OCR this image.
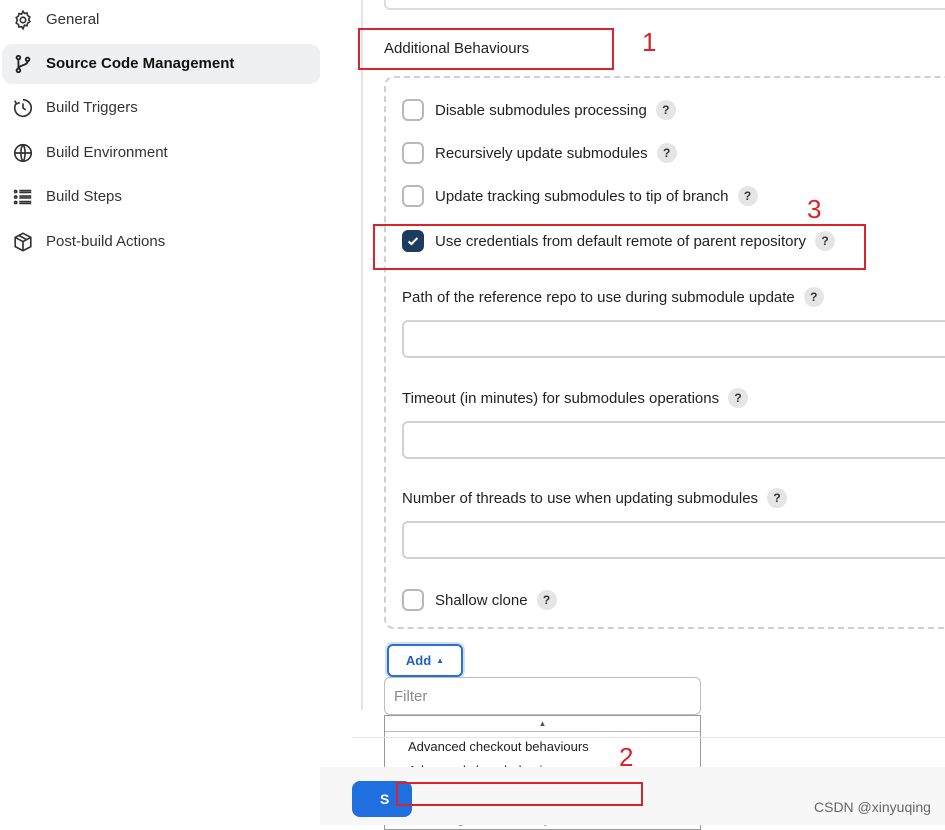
General
Source Code Management
Build Triggers
Build Environment
Build Steps
Post-build Actions
Additional Behaviours
Disable submodules processing	?
Recursively update submodules	?
Update tracking submodules to tip of branch	?
Use credentials from default remote of parent repository	?
Path of the reference repo to use during submodule update	?
Timeout (in minutes) for submodules operations	?
Number of threads to use when updating submodules	?
Shallow clone	?
Add ▲
Filter
▲
Advanced checkout behaviours
S	CSDN @xinyuqing
1
3
2
